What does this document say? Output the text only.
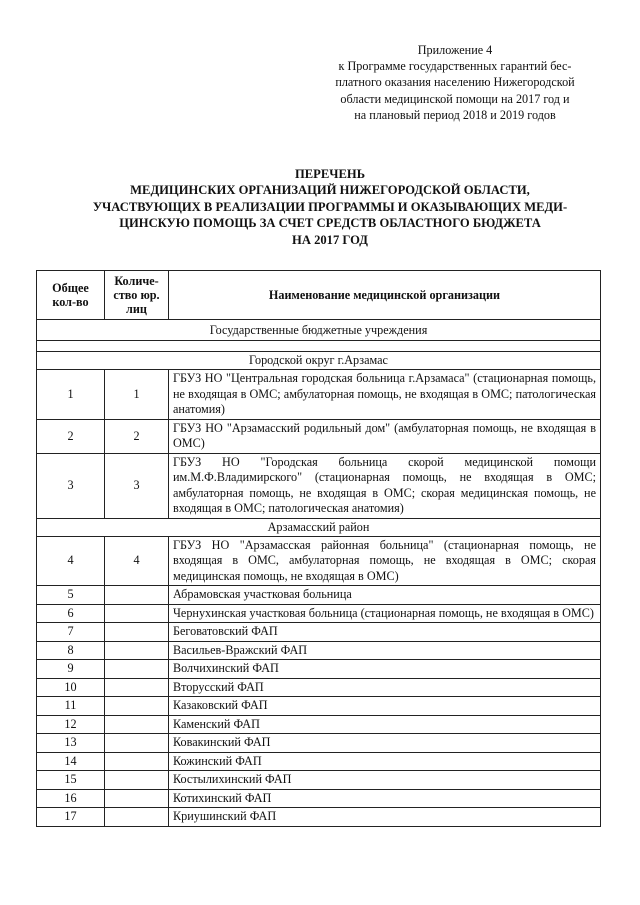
Приложение 4
к Программе государственных гарантий бес-
платного оказания населению Нижегородской
области медицинской помощи на 2017 год и
на плановый период 2018 и 2019 годов
ПЕРЕЧЕНЬ
МЕДИЦИНСКИХ ОРГАНИЗАЦИЙ НИЖЕГОРОДСКОЙ ОБЛАСТИ,
УЧАСТВУЮЩИХ В РЕАЛИЗАЦИИ ПРОГРАММЫ И ОКАЗЫВАЮЩИХ МЕДИ-
ЦИНСКУЮ ПОМОЩЬ ЗА СЧЕТ СРЕДСТВ ОБЛАСТНОГО БЮДЖЕТА
НА 2017 ГОД
Общее кол-во	Количе-ство юр. лиц	Наименование медицинской организации
Государственные бюджетные учреждения		

Городской округ г.Арзамас		
1	1	ГБУЗ НО "Центральная городская больница г.Арзамаса" (стационарная помощь, не входящая в ОМС; амбулаторная помощь, не входящая в ОМС; патологическая анатомия)
2	2	ГБУЗ НО "Арзамасский родильный дом" (амбулаторная помощь, не входящая в ОМС)
3	3	ГБУЗ НО "Городская больница скорой медицинской помощи им.М.Ф.Владимирского" (стационарная помощь, не входящая в ОМС; амбулаторная помощь, не входящая в ОМС; скорая медицинская помощь, не входящая в ОМС; патологическая анатомия)
Арзамасский район		
4	4	ГБУЗ НО "Арзамасская районная больница" (стационарная помощь, не входящая в ОМС, амбулаторная помощь, не входящая в ОМС; скорая медицинская помощь, не входящая в ОМС)
5		Абрамовская участковая больница
6		Чернухинская участковая больница (стационарная помощь, не входящая в ОМС)
7		Беговатовский ФАП
8		Васильев-Вражский ФАП
9		Волчихинский ФАП
10		Вторусский ФАП
11		Казаковский ФАП
12		Каменский ФАП
13		Ковакинский ФАП
14		Кожинский ФАП
15		Костылихинский ФАП
16		Котихинский ФАП
17		Криушинский ФАП
